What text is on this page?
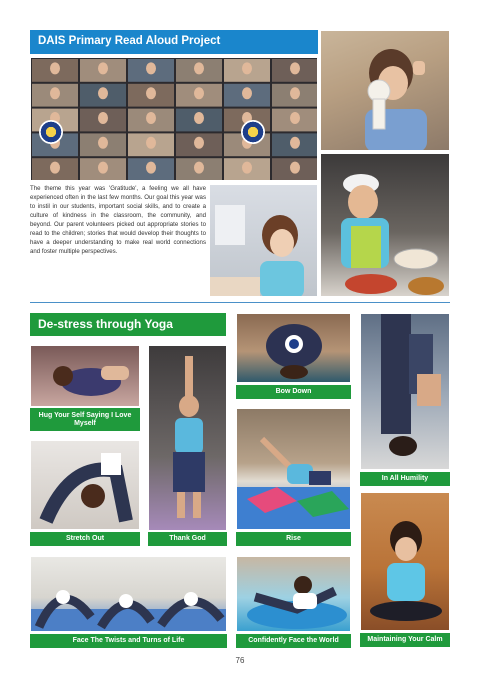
DAIS Primary Read Aloud Project
The theme this year was 'Gratitude', a feeling we all have experienced often in the last few months. Our goal this year was to instil in our students, important social skills, and to create a culture of kindness in the classroom, the community, and beyond. Our parent volunteers picked out appropriate stories to read to the children; stories that would develop their thoughts to have a deeper understanding to make real world connections and foster multiple perspectives.
De-stress through Yoga
Hug Your Self Saying I Love Myself
Thank God
Stretch Out
Bow Down
Rise
In All Humility
Maintaining Your Calm
Face The Twists and Turns of Life	Confidently Face the World
76
